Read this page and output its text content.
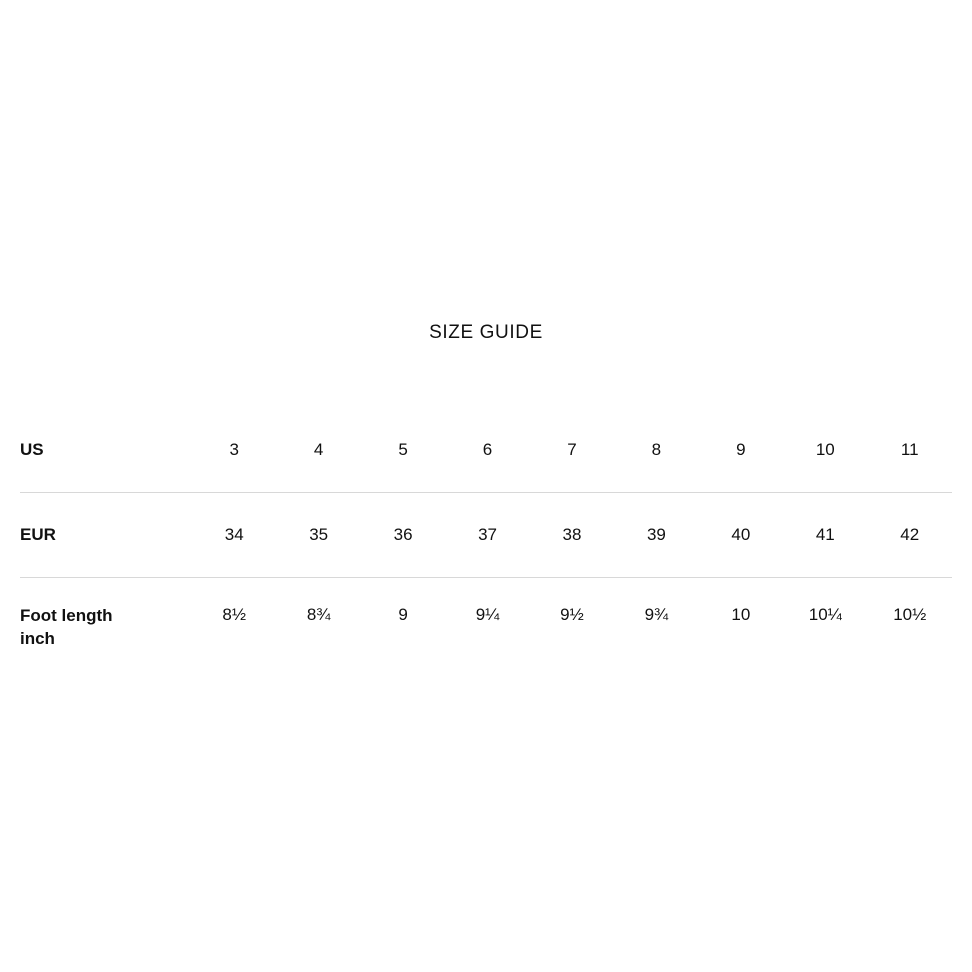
SIZE GUIDE
US	3	4	5	6	7	8	9	10	11
EUR	34	35	36	37	38	39	40	41	42
Foot length
inch	8½	8¾	9	9¼	9½	9¾	10	10¼	10½
